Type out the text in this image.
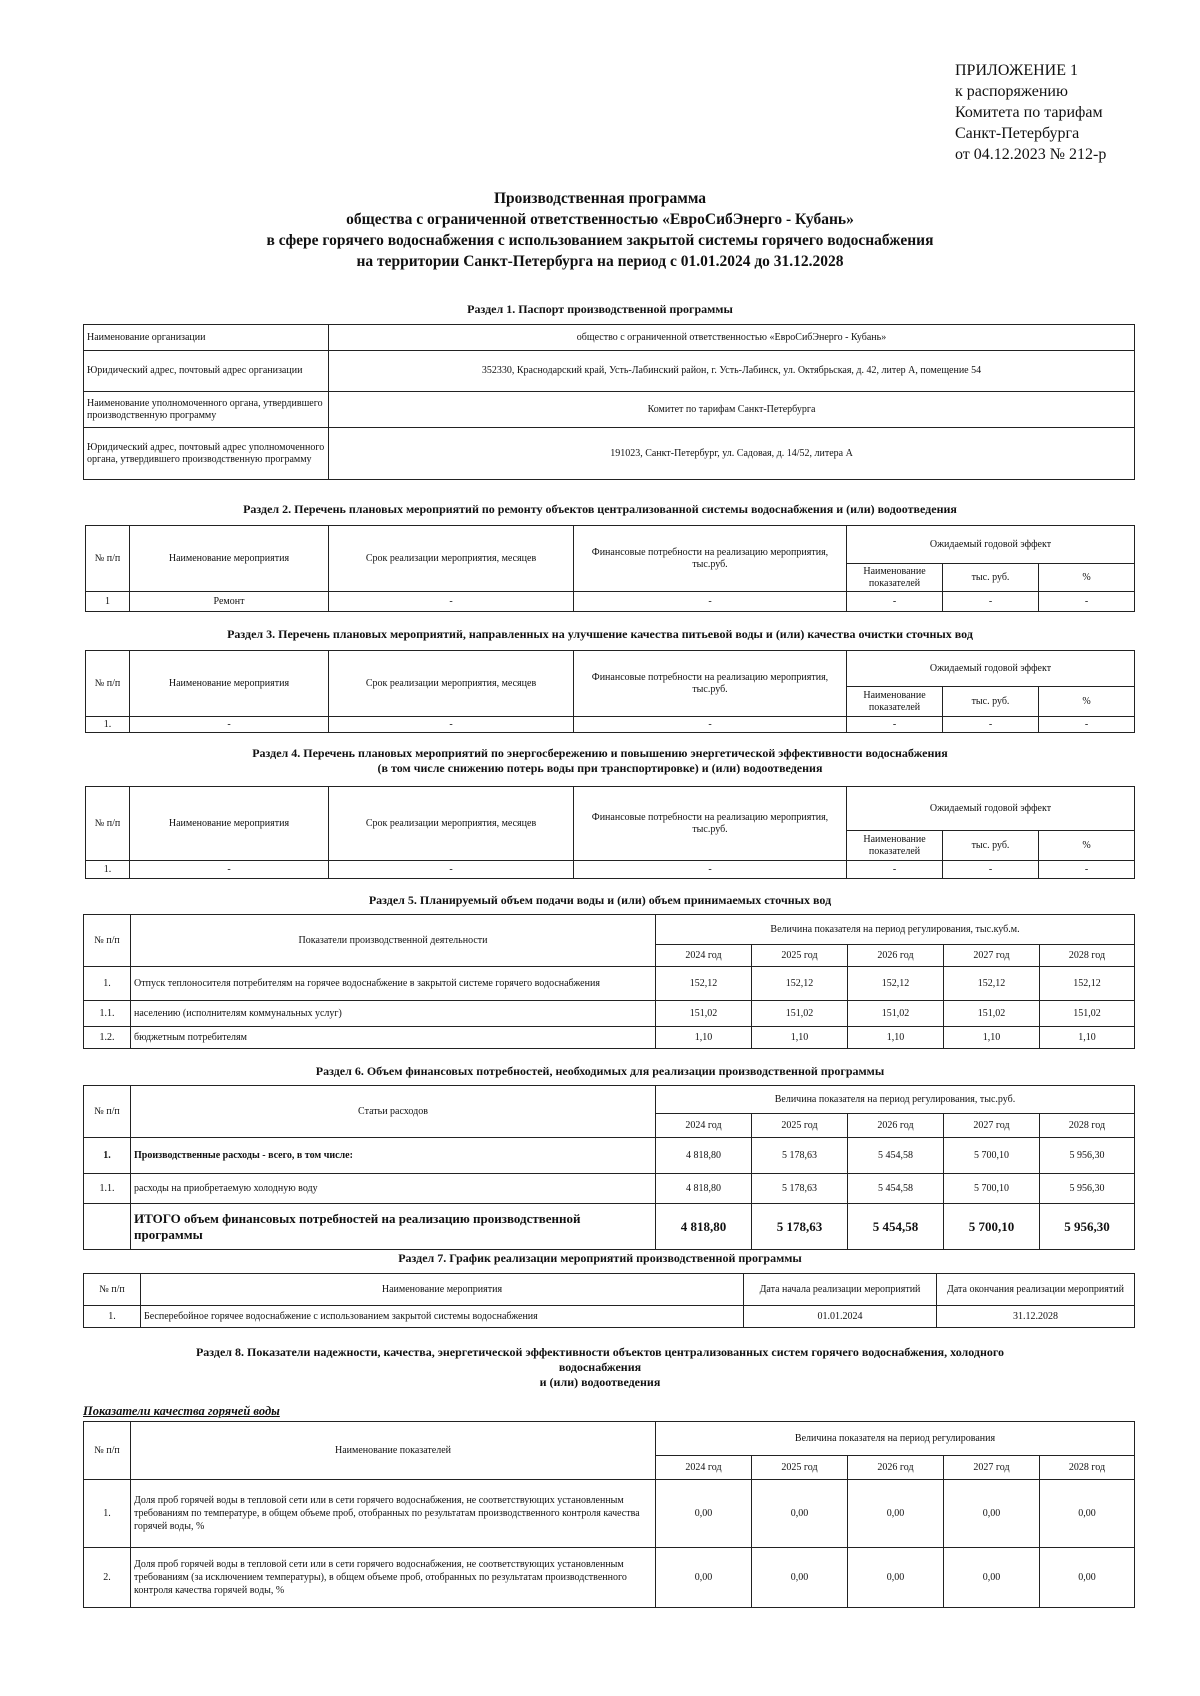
ПРИЛОЖЕНИЕ 1
к распоряжению
Комитета по тарифам
Санкт-Петербурга
от 04.12.2023 № 212-р
Производственная программа
общества с ограниченной ответственностью «ЕвроСибЭнерго - Кубань»
в сфере горячего водоснабжения с использованием закрытой системы горячего водоснабжения
на территории Санкт-Петербурга на период с 01.01.2024 до 31.12.2028
Раздел 1. Паспорт производственной программы
Наименование организации	общество с ограниченной ответственностью «ЕвроСибЭнерго - Кубань»
Юридический адрес, почтовый адрес организации	352330, Краснодарский край, Усть-Лабинский район, г. Усть-Лабинск, ул. Октябрьская, д. 42, литер А, помещение 54
Наименование уполномоченного органа, утвердившего производственную программу	Комитет по тарифам Санкт-Петербурга
Юридический адрес, почтовый адрес уполномоченного органа, утвердившего производственную программу	191023, Санкт-Петербург, ул. Садовая, д. 14/52, литера А
Раздел 2. Перечень плановых мероприятий по ремонту объектов централизованной системы водоснабжения и (или) водоотведения
№ п/п	Наименование мероприятия	Срок реализации мероприятия, месяцев	Финансовые потребности на реализацию мероприятия, тыс.руб.	Ожидаемый годовой эффект		
				Наименование показателей	тыс. руб.	%
1	Ремонт	-	-	-	-	-
Раздел 3. Перечень плановых мероприятий, направленных на улучшение качества питьевой воды и (или) качества очистки сточных вод
№ п/п	Наименование мероприятия	Срок реализации мероприятия, месяцев	Финансовые потребности на реализацию мероприятия, тыс.руб.	Ожидаемый годовой эффект		
				Наименование показателей	тыс. руб.	%
1.	-	-	-	-	-	-
Раздел 4. Перечень плановых мероприятий по энергосбережению и повышению энергетической эффективности водоснабжения
(в том числе снижению потерь воды при транспортировке) и (или) водоотведения
№ п/п	Наименование мероприятия	Срок реализации мероприятия, месяцев	Финансовые потребности на реализацию мероприятия, тыс.руб.	Ожидаемый годовой эффект		
				Наименование показателей	тыс. руб.	%
1.	-	-	-	-	-	-
Раздел 5. Планируемый объем подачи воды и (или) объем принимаемых сточных вод
№ п/п	Показатели производственной деятельности	Величина показателя на период регулирования, тыс.куб.м.				
		2024 год	2025 год	2026 год	2027 год	2028 год
1.	Отпуск теплоносителя потребителям на горячее водоснабжение в закрытой системе горячего водоснабжения	152,12	152,12	152,12	152,12	152,12
1.1.	населению (исполнителям коммунальных услуг)	151,02	151,02	151,02	151,02	151,02
1.2.	бюджетным потребителям	1,10	1,10	1,10	1,10	1,10
Раздел 6. Объем финансовых потребностей, необходимых для реализации производственной программы
№ п/п	Статьи расходов	Величина показателя на период регулирования, тыс.руб.				
		2024 год	2025 год	2026 год	2027 год	2028 год
1.	Производственные расходы - всего, в том числе:	4 818,80	5 178,63	5 454,58	5 700,10	5 956,30
1.1.	расходы на приобретаемую холодную воду	4 818,80	5 178,63	5 454,58	5 700,10	5 956,30
	ИТОГО объем финансовых потребностей на реализацию производственной программы	4 818,80	5 178,63	5 454,58	5 700,10	5 956,30
Раздел 7. График реализации мероприятий производственной программы
№ п/п	Наименование мероприятия	Дата начала реализации мероприятий	Дата окончания реализации мероприятий
1.	Бесперебойное горячее водоснабжение с использованием закрытой системы водоснабжения	01.01.2024	31.12.2028
Раздел 8. Показатели надежности, качества, энергетической эффективности объектов централизованных систем горячего водоснабжения, холодного
водоснабжения
и (или) водоотведения
Показатели качества горячей воды
№ п/п	Наименование показателей	Величина показателя на период регулирования				
		2024 год	2025 год	2026 год	2027 год	2028 год
1.	Доля проб горячей воды в тепловой сети или в сети горячего водоснабжения, не соответствующих установленным требованиям по температуре, в общем объеме проб, отобранных по результатам производственного контроля качества горячей воды, %	0,00	0,00	0,00	0,00	0,00
2.	Доля проб горячей воды в тепловой сети или в сети горячего водоснабжения, не соответствующих установленным требованиям (за исключением температуры), в общем объеме проб, отобранных по результатам производственного контроля качества горячей воды, %	0,00	0,00	0,00	0,00	0,00
